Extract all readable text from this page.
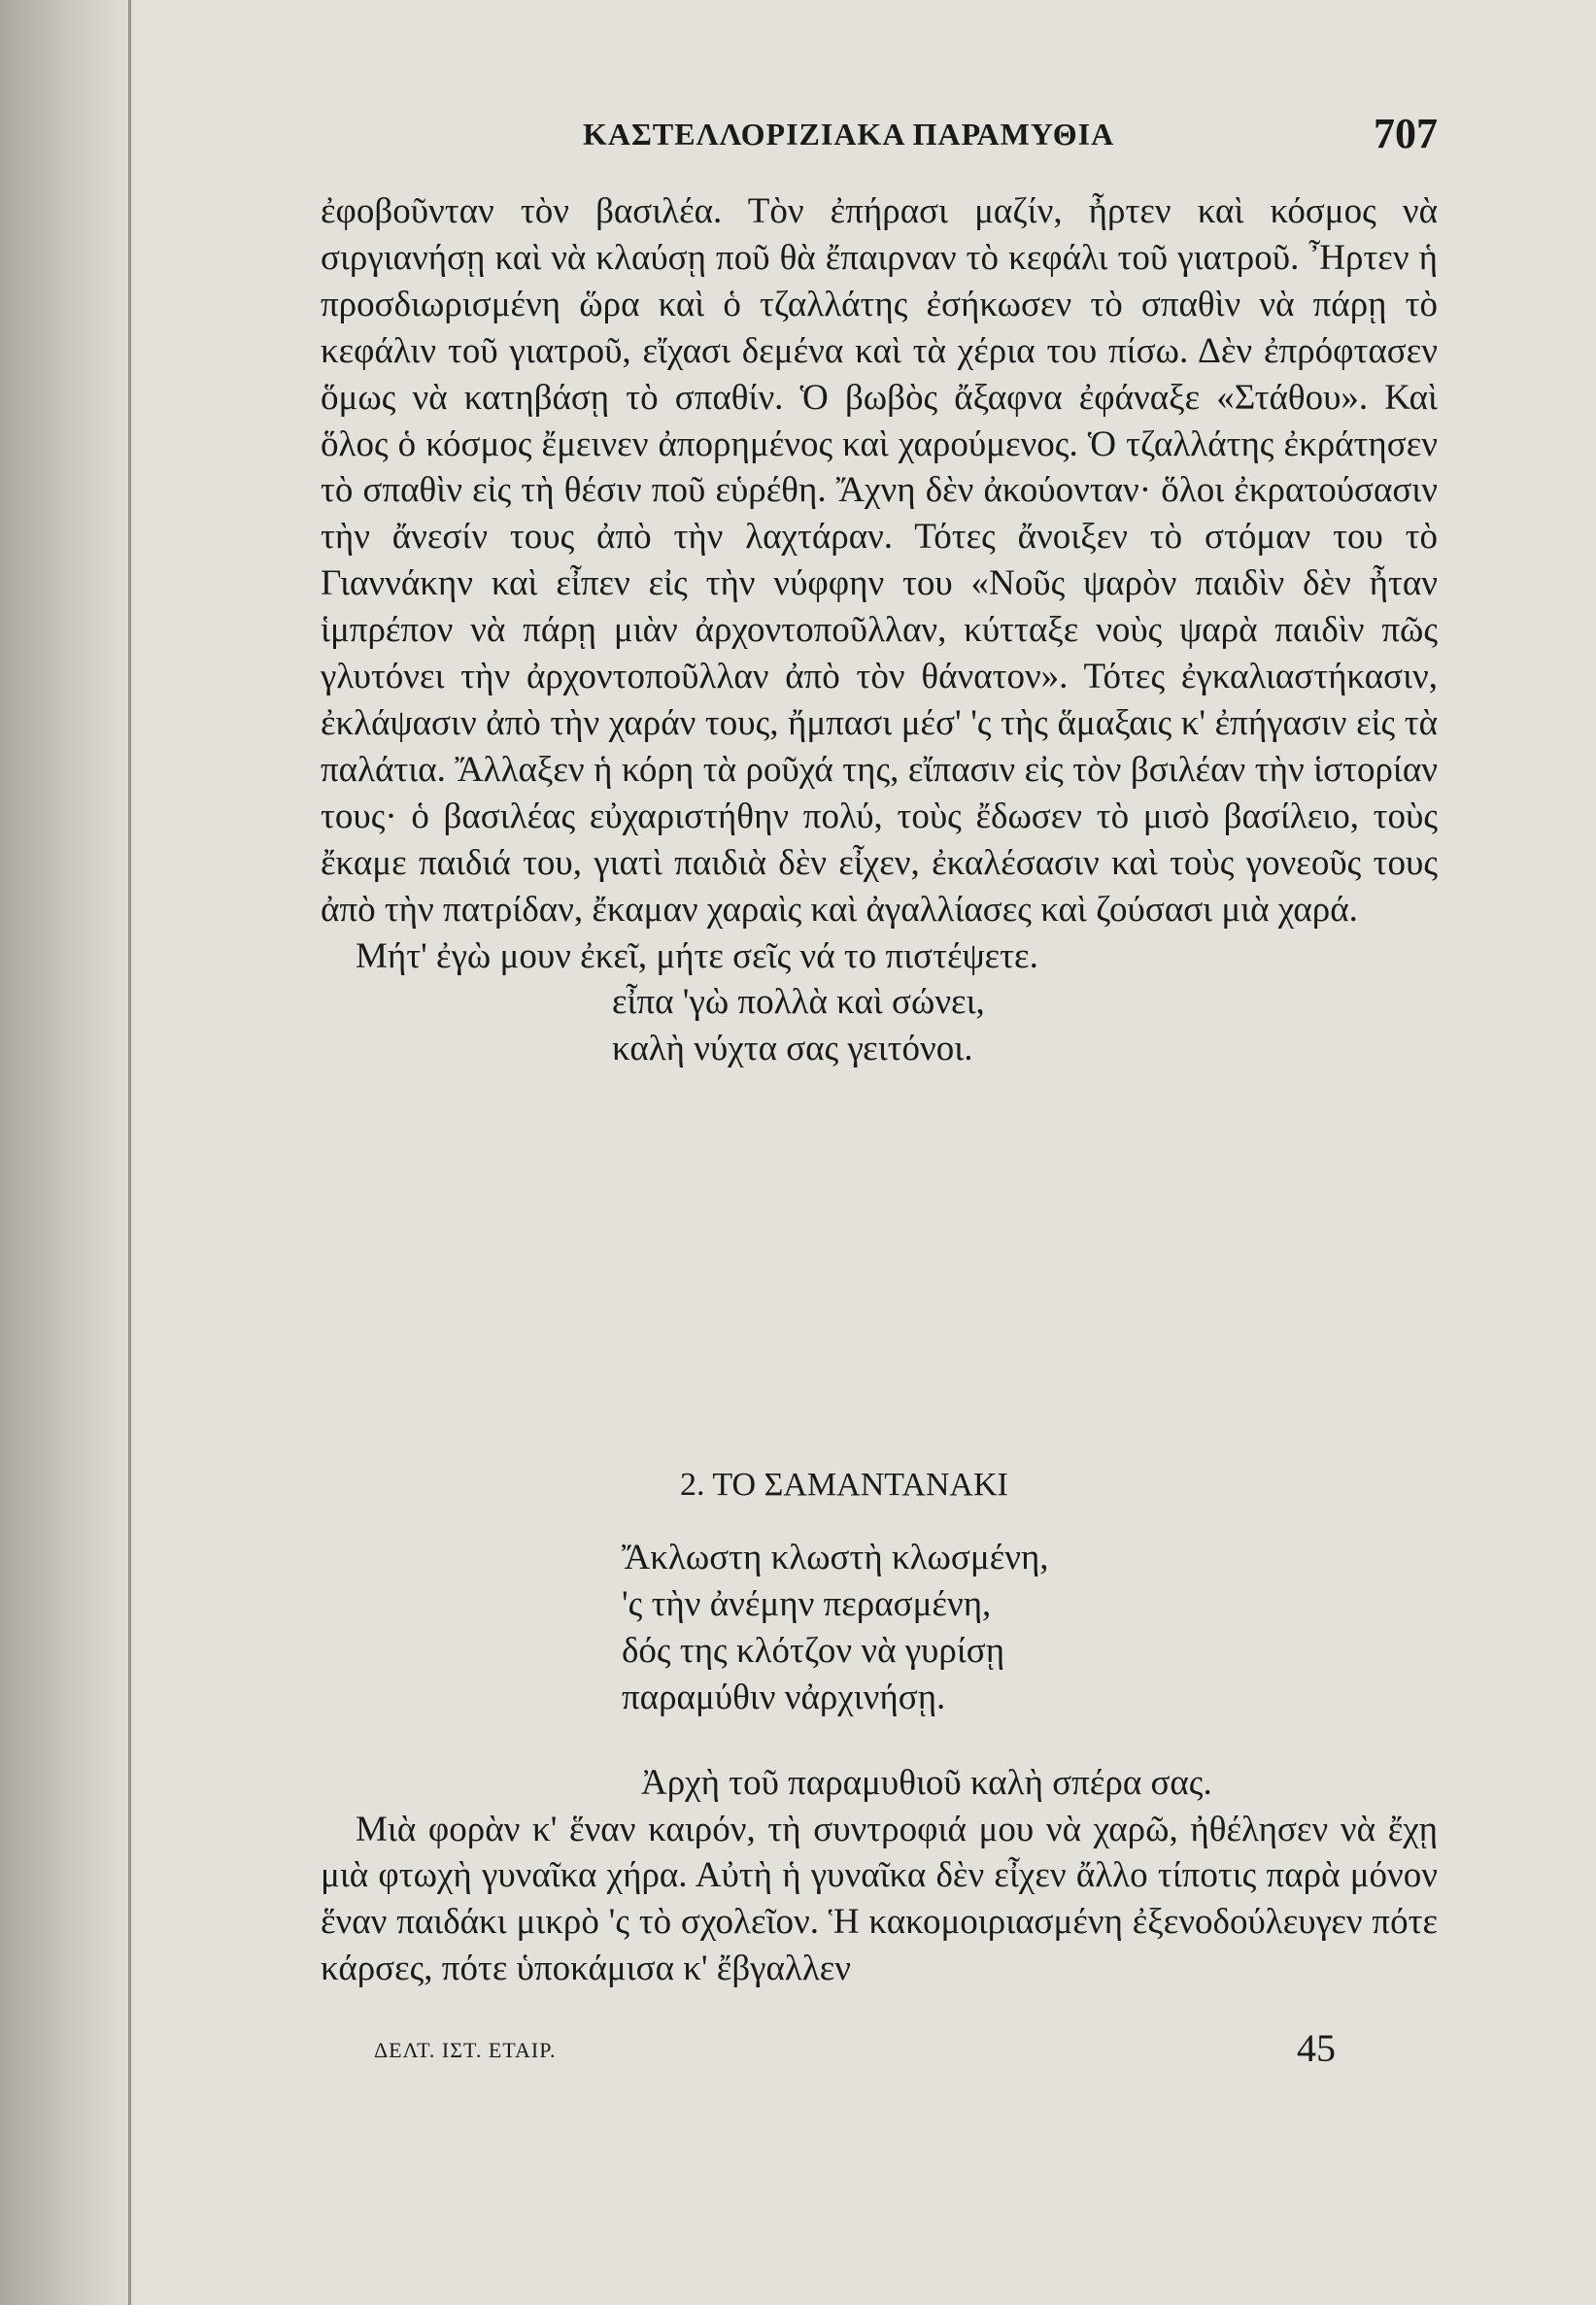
ΚΑΣΤΕΛΛΟΡΙΖΙΑΚΑ ΠΑΡΑΜΥΘΙΑ	707

ἐφοβοῦνταν τὸν βασιλέα. Τὸν ἐπήρασι μαζίν, ἦρτεν καὶ κόσμος νὰ σιργιανήσῃ καὶ νὰ κλαύσῃ ποῦ θὰ ἔπαιρναν τὸ κεφάλι τοῦ γιατροῦ. Ἦρτεν ἡ προσδιωρισμένη ὥρα καὶ ὁ τζαλλάτης ἐσήκωσεν τὸ σπαθὶν νὰ πάρῃ τὸ κεφάλιν τοῦ γιατροῦ, εἴχασι δεμένα καὶ τὰ χέρια του πίσω. Δὲν ἐπρόφτασεν ὅμως νὰ κατηβάσῃ τὸ σπαθίν. Ὁ βωβὸς ἄξαφνα ἐφάναξε «Στάθου». Καὶ ὅλος ὁ κόσμος ἔμεινεν ἀπορημένος καὶ χαρούμενος. Ὁ τζαλλάτης ἐκράτησεν τὸ σπαθὶν εἰς τὴ θέσιν ποῦ εὑρέθη. Ἄχνη δὲν ἀκούονταν· ὅλοι ἐκρατούσασιν τὴν ἄνεσίν τους ἀπὸ τὴν λαχτάραν. Τότες ἄνοιξεν τὸ στόμαν του τὸ Γιαννάκην καὶ εἶπεν εἰς τὴν νύφφην του «Νοῦς ψαρὸν παιδὶν δὲν ἦταν ἱμπρέπον νὰ πάρῃ μιὰν ἀρχοντοποῦλλαν, κύτταξε νοὺς ψαρὰ παιδὶν πῶς γλυτόνει τὴν ἀρχοντοποῦλλαν ἀπὸ τὸν θάνατον». Τότες ἐγκαλιαστήκασιν, ἐκλάψασιν ἀπὸ τὴν χαράν τους, ἤμπασι μέσ' 'ς τὴς ἅμαξαις κ' ἐπήγασιν εἰς τὰ παλάτια. Ἄλλαξεν ἡ κόρη τὰ ροῦχά της, εἴπασιν εἰς τὸν βσιλέαν τὴν ἱστορίαν τους· ὁ βασιλέας εὐχαριστήθην πολύ, τοὺς ἔδωσεν τὸ μισὸ βασίλειο, τοὺς ἔκαμε παιδιά του, γιατὶ παιδιὰ δὲν εἶχεν, ἐκαλέσασιν καὶ τοὺς γονεοῦς τους ἀπὸ τὴν πατρίδαν, ἔκαμαν χαραὶς καὶ ἀγαλλίασες καὶ ζούσασι μιὰ χαρά.

Μήτ' ἐγὼ μουν ἐκεῖ, μήτε σεῖς νά το πιστέψετε.

εἶπα 'γὼ πολλὰ καὶ σώνει,

καλὴ νύχτα σας γειτόνοι.

2. ΤΟ ΣΑΜΑΝΤΑΝΑΚΙ

Ἄκλωστη κλωστὴ κλωσμένη,

'ς τὴν ἀνέμην περασμένη,

δός της κλότζον νὰ γυρίσῃ

παραμύθιν νἀρχινήσῃ.

Ἀρχὴ τοῦ παραμυθιοῦ καλὴ σπέρα σας.

Μιὰ φορὰν κ' ἕναν καιρόν, τὴ συντροφιά μου νὰ χαρῶ, ἠθέλησεν νὰ ἔχῃ μιὰ φτωχὴ γυναῖκα χήρα. Αὐτὴ ἡ γυναῖκα δὲν εἶχεν ἄλλο τίποτις παρὰ μόνον ἕναν παιδάκι μικρὸ 'ς τὸ σχολεῖον. Ἡ κακομοιριασμένη ἐξενοδούλευγεν πότε κάρσες, πότε ὑποκάμισα κ' ἔβγαλλεν

ΔΕΛΤ. ΙΣΤ. ΕΤΑΙΡ.	45
